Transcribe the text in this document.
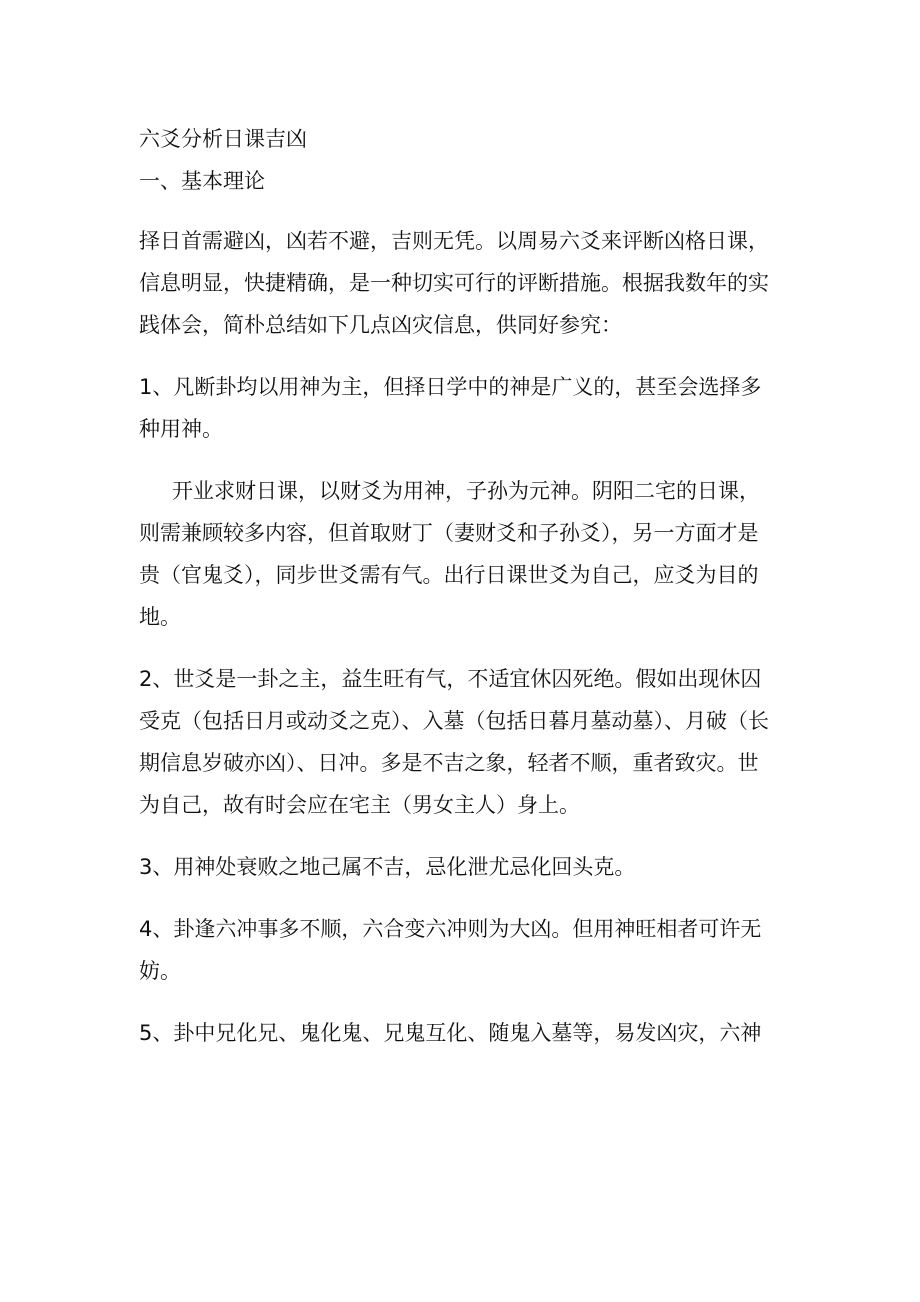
六爻分析日课吉凶

一、基本理论

择日首需避凶，凶若不避，吉则无凭。以周易六爻来评断凶格日课，
信息明显，快捷精确，是一种切实可行的评断措施。根据我数年的实
践体会，简朴总结如下几点凶灾信息，供同好参究：
1、凡断卦均以用神为主，但择日学中的神是广义的，甚至会选择多
种用神。
开业求财日课，以财爻为用神，子孙为元神。阴阳二宅的日课，
则需兼顾较多内容，但首取财丁（妻财爻和子孙爻），另一方面才是
贵（官鬼爻），同步世爻需有气。出行日课世爻为自己，应爻为目的
地。
2、世爻是一卦之主，益生旺有气，不适宜休囚死绝。假如出现休囚
受克（包括日月或动爻之克）、入墓（包括日暮月墓动墓）、月破（长
期信息岁破亦凶）、日冲。多是不吉之象，轻者不顺，重者致灾。世
为自己，故有时会应在宅主（男女主人）身上。
3、用神处衰败之地己属不吉，忌化泄尤忌化回头克。
4、卦逢六冲事多不顺，六合变六冲则为大凶。但用神旺相者可许无
妨。
5、卦中兄化兄、鬼化鬼、兄鬼互化、随鬼入墓等，易发凶灾，六神
